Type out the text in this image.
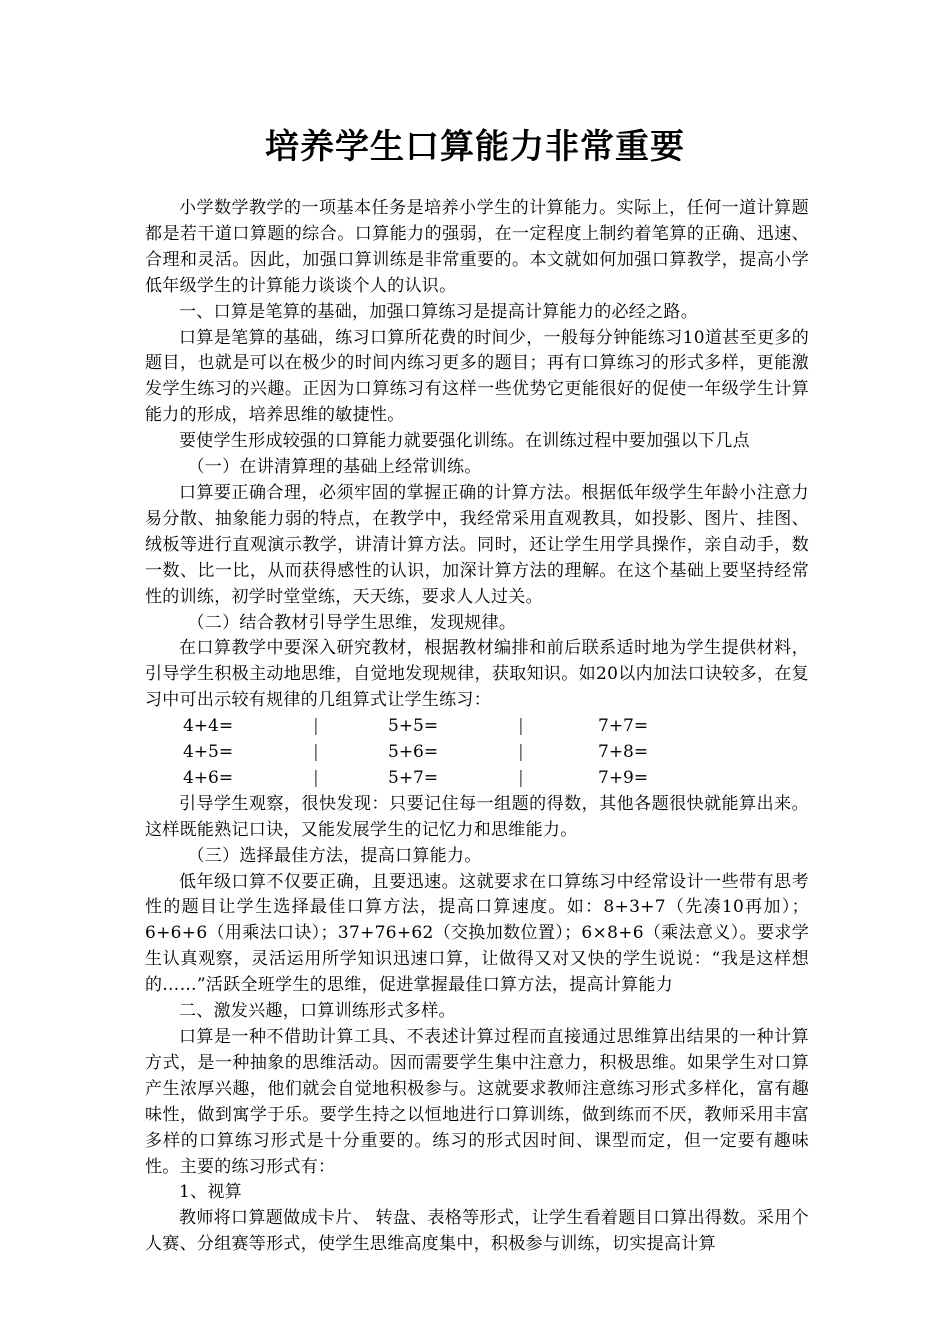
培养学生口算能力非常重要

小学数学教学的一项基本任务是培养小学生的计算能力。实际上，任何一道计算题都是若干道口算题的综合。口算能力的强弱，在一定程度上制约着笔算的正确、迅速、合理和灵活。因此，加强口算训练是非常重要的。本文就如何加强口算教学，提高小学低年级学生的计算能力谈谈个人的认识。

一、口算是笔算的基础，加强口算练习是提高计算能力的必经之路。

口算是笔算的基础，练习口算所花费的时间少，一般每分钟能练习10道甚至更多的题目，也就是可以在极少的时间内练习更多的题目；再有口算练习的形式多样，更能激发学生练习的兴趣。正因为口算练习有这样一些优势它更能很好的促使一年级学生计算能力的形成，培养思维的敏捷性。

要使学生形成较强的口算能力就要强化训练。在训练过程中要加强以下几点

（一）在讲清算理的基础上经常训练。

口算要正确合理，必须牢固的掌握正确的计算方法。根据低年级学生年龄小注意力易分散、抽象能力弱的特点，在教学中，我经常采用直观教具，如投影、图片、挂图、绒板等进行直观演示教学，讲清计算方法。同时，还让学生用学具操作，亲自动手，数一数、比一比，从而获得感性的认识，加深计算方法的理解。在这个基础上要坚持经常性的训练，初学时堂堂练，天天练，要求人人过关。

（二）结合教材引导学生思维，发现规律。

在口算教学中要深入研究教材，根据教材编排和前后联系适时地为学生提供材料，引导学生积极主动地思维，自觉地发现规律，获取知识。如20以内加法口诀较多，在复习中可出示较有规律的几组算式让学生练习：

4+4=	|	5+5=	|	7+7=
4+5=	|	5+6=	|	7+8=
4+6=	|	5+7=	|	7+9=

引导学生观察，很快发现：只要记住每一组题的得数，其他各题很快就能算出来。这样既能熟记口诀，又能发展学生的记忆力和思维能力。

（三）选择最佳方法，提高口算能力。

低年级口算不仅要正确，且要迅速。这就要求在口算练习中经常设计一些带有思考性的题目让学生选择最佳口算方法，提高口算速度。如：8+3+7（先凑10再加）；6+6+6（用乘法口诀）；37+76+62（交换加数位置）；6×8+6（乘法意义）。要求学生认真观察，灵活运用所学知识迅速口算，让做得又对又快的学生说说：“我是这样想的……”活跃全班学生的思维，促进掌握最佳口算方法，提高计算能力

二、激发兴趣，口算训练形式多样。

口算是一种不借助计算工具、不表述计算过程而直接通过思维算出结果的一种计算方式，是一种抽象的思维活动。因而需要学生集中注意力，积极思维。如果学生对口算产生浓厚兴趣，他们就会自觉地积极参与。这就要求教师注意练习形式多样化，富有趣味性，做到寓学于乐。要学生持之以恒地进行口算训练，做到练而不厌，教师采用丰富多样的口算练习形式是十分重要的。练习的形式因时间、课型而定，但一定要有趣味性。主要的练习形式有：

1、视算

教师将口算题做成卡片、 转盘、表格等形式，让学生看着题目口算出得数。采用个人赛、分组赛等形式，使学生思维高度集中，积极参与训练，切实提高计算
